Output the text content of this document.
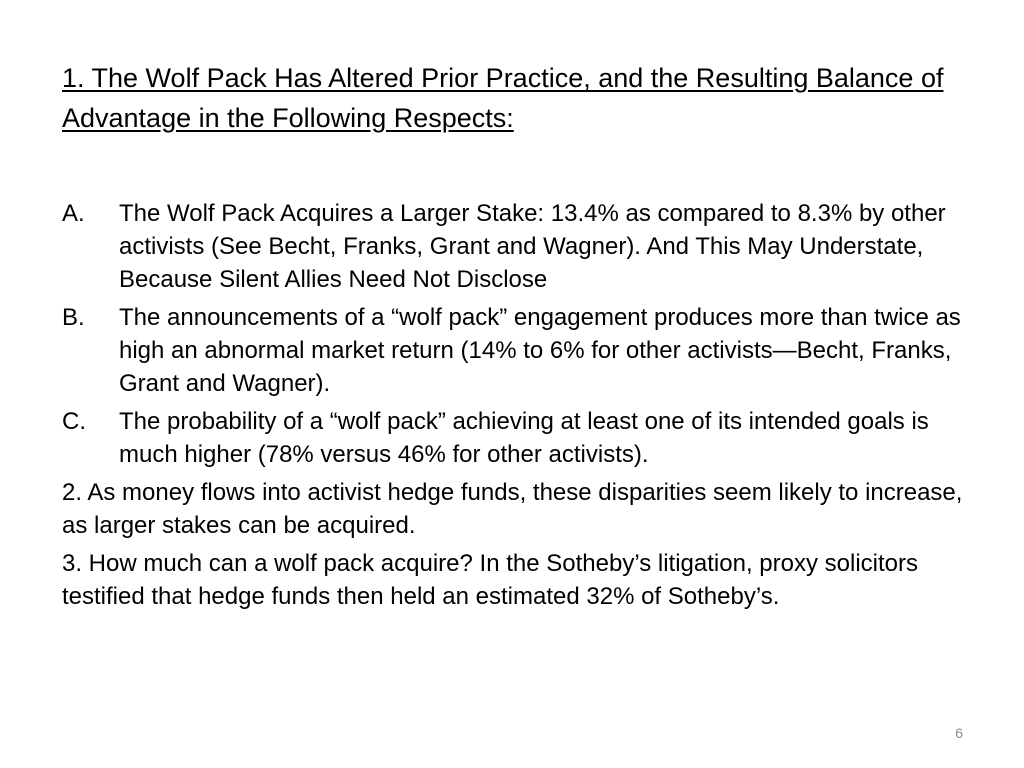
1. The Wolf Pack Has Altered Prior Practice, and the Resulting Balance of Advantage in the Following Respects:
A.	The Wolf Pack Acquires a Larger Stake: 13.4% as compared to 8.3% by other activists (See Becht, Franks, Grant and Wagner). And This May Understate, Because Silent Allies Need Not Disclose
B.	The announcements of a “wolf pack” engagement produces more than twice as high an abnormal market return (14% to 6% for other activists—Becht, Franks, Grant and Wagner).
C.	The probability of a “wolf pack” achieving at least one of its intended goals is much higher (78% versus 46% for other activists).
2. As money flows into activist hedge funds, these disparities seem likely to increase, as larger stakes can be acquired.
3. How much can a wolf pack acquire? In the Sotheby’s litigation, proxy solicitors testified that hedge funds then held an estimated 32% of Sotheby’s.
6
